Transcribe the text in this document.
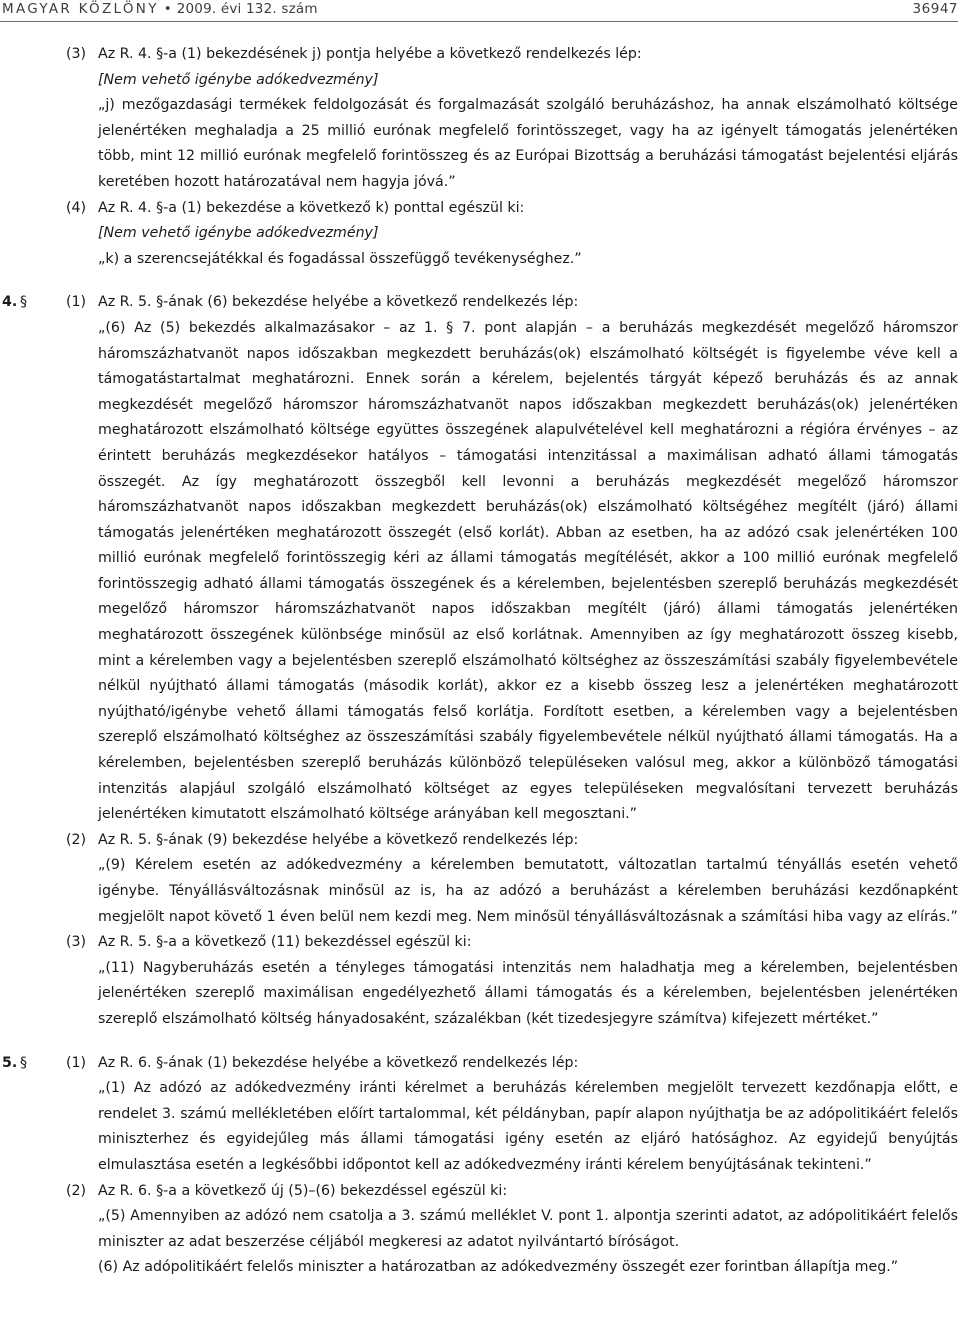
MAGYAR KÖZLÖNY • 2009. évi 132. szám	36947
(3) Az R. 4. §-a (1) bekezdésének j) pontja helyébe a következő rendelkezés lép:
[Nem vehető igénybe adókedvezmény]
„j) mezőgazdasági termékek feldolgozását és forgalmazását szolgáló beruházáshoz, ha annak elszámolható költsége jelenértéken meghaladja a 25 millió eurónak megfelelő forintösszeget, vagy ha az igényelt támogatás jelenértéken több, mint 12 millió eurónak megfelelő forintösszeg és az Európai Bizottság a beruházási támogatást bejelentési eljárás keretében hozott határozatával nem hagyja jóvá.”
(4) Az R. 4. §-a (1) bekezdése a következő k) ponttal egészül ki:
[Nem vehető igénybe adókedvezmény]
„k) a szerencsejátékkal és fogadással összefüggő tevékenységhez.”
4. §	(1) Az R. 5. §-ának (6) bekezdése helyébe a következő rendelkezés lép:
„(6) Az (5) bekezdés alkalmazásakor – az 1. § 7. pont alapján – a beruházás megkezdését megelőző háromszor háromszázhatvanöt napos időszakban megkezdett beruházás(ok) elszámolható költségét is figyelembe véve kell a támogatástartalmat meghatározni. Ennek során a kérelem, bejelentés tárgyát képező beruházás és az annak megkezdését megelőző háromszor háromszázhatvanöt napos időszakban megkezdett beruházás(ok) jelenértéken meghatározott elszámolható költsége együttes összegének alapulvételével kell meghatározni a régióra érvényes – az érintett beruházás megkezdésekor hatályos – támogatási intenzitással a maximálisan adható állami támogatás összegét. Az így meghatározott összegből kell levonni a beruházás megkezdését megelőző háromszor háromszázhatvanöt napos időszakban megkezdett beruházás(ok) elszámolható költségéhez megítélt (járó) állami támogatás jelenértéken meghatározott összegét (első korlát). Abban az esetben, ha az adózó csak jelenértéken 100 millió eurónak megfelelő forintösszegig kéri az állami támogatás megítélését, akkor a 100 millió eurónak megfelelő forintösszegig adható állami támogatás összegének és a kérelemben, bejelentésben szereplő beruházás megkezdését megelőző háromszor háromszázhatvanöt napos időszakban megítélt (járó) állami támogatás jelenértéken meghatározott összegének különbsége minősül az első korlátnak. Amennyiben az így meghatározott összeg kisebb, mint a kérelemben vagy a bejelentésben szereplő elszámolható költséghez az összeszámítási szabály figyelembevétele nélkül nyújtható állami támogatás (második korlát), akkor ez a kisebb összeg lesz a jelenértéken meghatározott nyújtható/igénybe vehető állami támogatás felső korlátja. Fordított esetben, a kérelemben vagy a bejelentésben szereplő elszámolható költséghez az összeszámítási szabály figyelembevétele nélkül nyújtható állami támogatás. Ha a kérelemben, bejelentésben szereplő beruházás különböző településeken valósul meg, akkor a különböző támogatási intenzitás alapjául szolgáló elszámolható költséget az egyes településeken megvalósítani tervezett beruházás jelenértéken kimutatott elszámolható költsége arányában kell megosztani.”
(2) Az R. 5. §-ának (9) bekezdése helyébe a következő rendelkezés lép:
„(9) Kérelem esetén az adókedvezmény a kérelemben bemutatott, változatlan tartalmú tényállás esetén vehető igénybe. Tényállásváltozásnak minősül az is, ha az adózó a beruházást a kérelemben beruházási kezdőnapként megjelölt napot követő 1 éven belül nem kezdi meg. Nem minősül tényállásváltozásnak a számítási hiba vagy az elírás.”
(3) Az R. 5. §-a a következő (11) bekezdéssel egészül ki:
„(11) Nagyberuházás esetén a tényleges támogatási intenzitás nem haladhatja meg a kérelemben, bejelentésben jelenértéken szereplő maximálisan engedélyezhető állami támogatás és a kérelemben, bejelentésben jelenértéken szereplő elszámolható költség hányadosaként, százalékban (két tizedesjegyre számítva) kifejezett mértéket.”
5. §	(1) Az R. 6. §-ának (1) bekezdése helyébe a következő rendelkezés lép:
„(1) Az adózó az adókedvezmény iránti kérelmet a beruházás kérelemben megjelölt tervezett kezdőnapja előtt, e rendelet 3. számú mellékletében előírt tartalommal, két példányban, papír alapon nyújthatja be az adópolitikáért felelős miniszterhez és egyidejűleg más állami támogatási igény esetén az eljáró hatósághoz. Az egyidejű benyújtás elmulasztása esetén a legkésőbbi időpontot kell az adókedvezmény iránti kérelem benyújtásának tekinteni.”
(2) Az R. 6. §-a a következő új (5)–(6) bekezdéssel egészül ki:
„(5) Amennyiben az adózó nem csatolja a 3. számú melléklet V. pont 1. alpontja szerinti adatot, az adópolitikáért felelős miniszter az adat beszerzése céljából megkeresi az adatot nyilvántartó bíróságot.
(6) Az adópolitikáért felelős miniszter a határozatban az adókedvezmény összegét ezer forintban állapítja meg.”
